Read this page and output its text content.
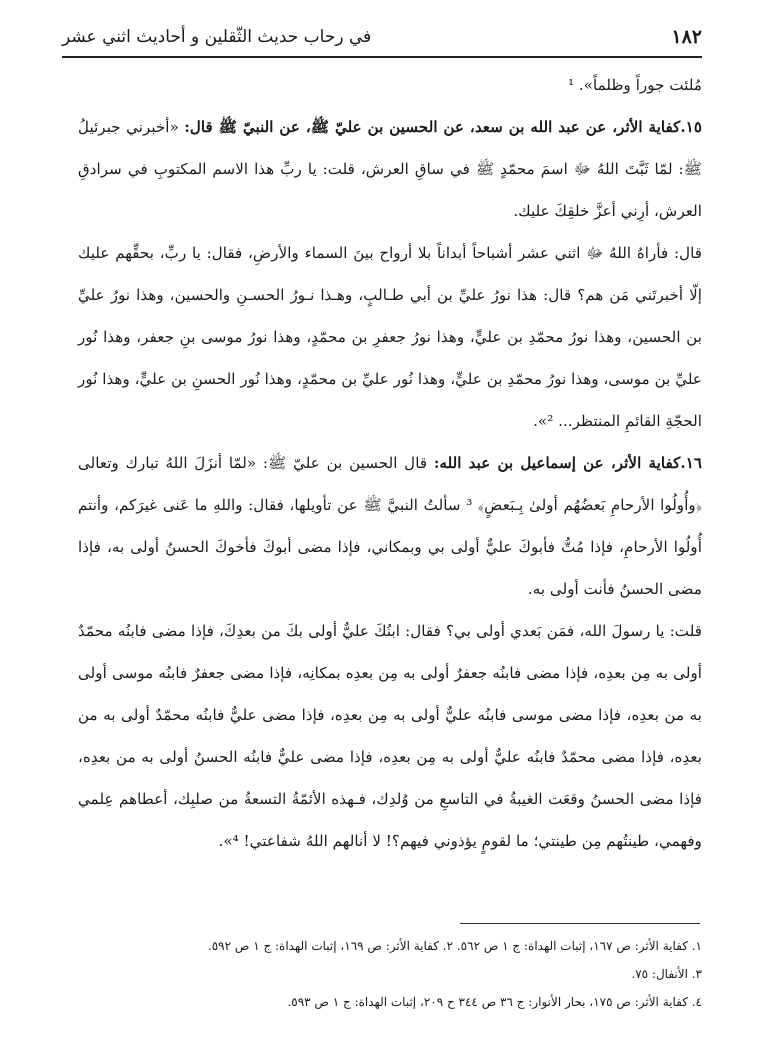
١٨٢
في رحاب حديث الثّقلين و أحاديث اثني عشر

مُلئت جوراً وظلماً». ¹

١٥.كفاية الأثر، عن عبد الله بن سعد، عن الحسين بن عليّ ﷺ، عن النبيّ ﷺ قال: «أخبرني جبرئيلُ ﷺ: لمّا ثَبَّتَ اللهُ ﷻ اسمَ محمّدٍ ﷺ في ساقِ العرش، قلت: يا ربِّ هذا الاسم المكتوبِ في سرادقِ العرش، أرِني أعزَّ خلقِكَ عليك.

قال: فأراهُ اللهُ ﷻ اثني عشر أشباحاً أبداناً بلا أرواح بينَ السماء والأرضِ، فقال: يا ربِّ، بحقِّهم عليك إلّا أخبرتَني مَن هم؟ قال: هذا نورُ عليِّ بن أبي طـالبٍ، وهـذا نـورُ الحسـنِ والحسين، وهذا نورُ عليِّ بن الحسين، وهذا نورُ محمّدِ بن عليٍّ، وهذا نورُ جعفرِ بن محمّدٍ، وهذا نورُ موسى بنِ جعفر، وهذا نُور عليِّ بن موسى، وهذا نورُ محمّدِ بن عليٍّ، وهذا نُور عليِّ بن محمّدٍ، وهذا نُور الحسنِ بن عليٍّ، وهذا نُور الحجّةِ القائمِ المنتظر... ²».

١٦.كفاية الأثر، عن إسماعيل بن عبد الله: قال الحسين بن عليّ ﷺ: «لمّا أنزَلَ اللهُ تبارك وتعالى ﴿وأُولُوا الأرحامِ بَعضُهُم أولىٰ بِـبَعضٍ﴾ ³ سألتُ النبيَّ ﷺ عن تأويلها، فقال: واللهِ ما عَنى غيرَكم، وأنتم أُولُوا الأرحامِ، فإذا مُتُّ فأبوكَ عليٌّ أولى بي وبمكاني، فإذا مضى أبوكَ فأخوكَ الحسنُ أولى به، فإذا مضى الحسنُ فأنت أولى به.

قلت: يا رسولَ الله، فمَن بَعدي أولى بي؟ فقال: ابنُكَ عليٌّ أولى بكَ من بعدِكَ، فإذا مضى فابنُه محمّدٌ أولى به مِن بعدِه، فإذا مضى فابنُه جعفرٌ أولى به مِن بعدِه بمكانِه، فإذا مضى جعفرٌ فابنُه موسى أولى به من بعدِه، فإذا مضى موسى فابنُه عليٌّ أولى به مِن بعدِه، فإذا مضى عليٌّ فابنُه محمّدٌ أولى به من بعدِه، فإذا مضى محمّدٌ فابنُه عليٌّ أولى به مِن بعدِه، فإذا مضى عليٌّ فابنُه الحسنُ أولى به من بعدِه، فإذا مضى الحسنُ وقعَت الغيبةُ في التاسعِ من وُلدِك، فـهذه الأئمّةُ التسعةُ من صلبِك، أعطاهم عِلمي وفهمي، طينتُهم مِن طينتي؛ ما لقومٍ يؤذوني فيهم؟! لا أنالهم اللهُ شفاعتي! ⁴».

١. كفاية الأثر: ص ١٦٧، إثبات الهداة: ج ١ ص ٥٦٢. ٢. كفاية الأثر: ص ١٦٩، إثبات الهداة: ج ١ ص ٥٩٢.
٣. الأنفال: ٧٥.
٤. كفاية الأثر: ص ١٧٥، بحار الأنوار: ج ٣٦ ص ٣٤٤ ح ٢٠٩، إثبات الهداة: ج ١ ص ٥٩٣.
